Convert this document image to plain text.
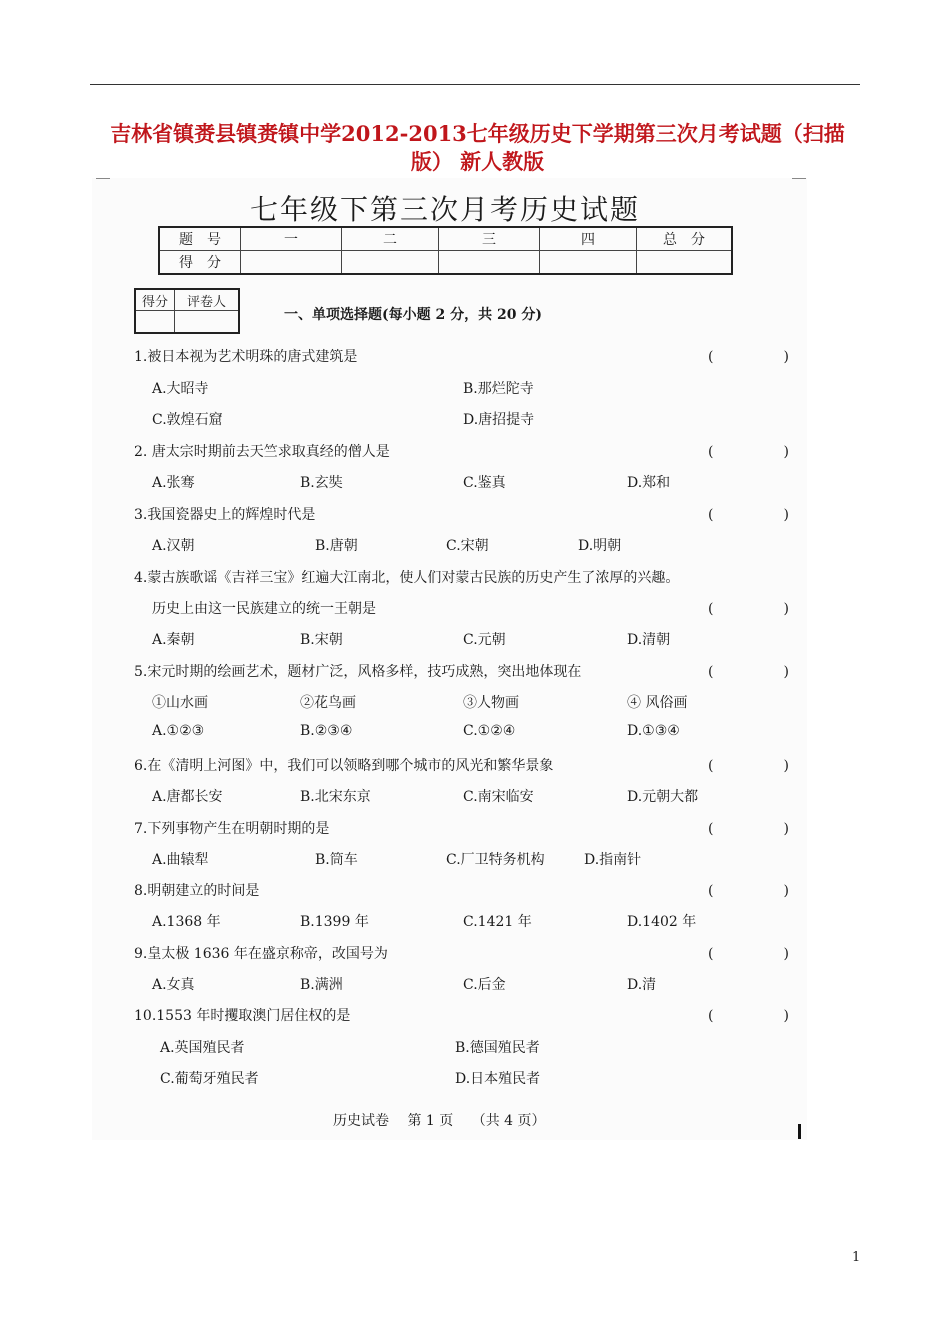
吉林省镇赉县镇赉镇中学2012-2013七年级历史下学期第三次月考试题（扫描版） 新人教版
七年级下第三次月考历史试题
题　号	一	二	三	四	总　分
得　分					
得分	评卷人

一、单项选择题(每小题 2 分，共 20 分)
1.被日本视为艺术明珠的唐式建筑是	(　)
A.大昭寺	B.那烂陀寺
C.敦煌石窟	D.唐招提寺
2. 唐太宗时期前去天竺求取真经的僧人是	(　)
A.张骞	B.玄奘	C.鉴真	D.郑和
3.我国瓷器史上的辉煌时代是	(　)
A.汉朝	B.唐朝	C.宋朝	D.明朝
4.蒙古族歌谣《吉祥三宝》红遍大江南北，使人们对蒙古民族的历史产生了浓厚的兴趣。
历史上由这一民族建立的统一王朝是	(　)
A.秦朝	B.宋朝	C.元朝	D.清朝
5.宋元时期的绘画艺术，题材广泛，风格多样，技巧成熟，突出地体现在	(　)
①山水画	②花鸟画	③人物画	④ 风俗画
A.①②③	B.②③④	C.①②④	D.①③④
6.在《清明上河图》中，我们可以领略到哪个城市的风光和繁华景象	(　)
A.唐都长安	B.北宋东京	C.南宋临安	D.元朝大都
7.下列事物产生在明朝时期的是	(　)
A.曲辕犁	B.筒车	C.厂卫特务机构	D.指南针
8.明朝建立的时间是	(　)
A.1368 年	B.1399 年	C.1421 年	D.1402 年
9.皇太极 1636 年在盛京称帝，改国号为	(　)
A.女真	B.满洲	C.后金	D.清
10.1553 年时攫取澳门居住权的是	(　)
A.英国殖民者	B.德国殖民者
C.葡萄牙殖民者	D.日本殖民者
历史试卷 第 1 页 （共 4 页）
1
